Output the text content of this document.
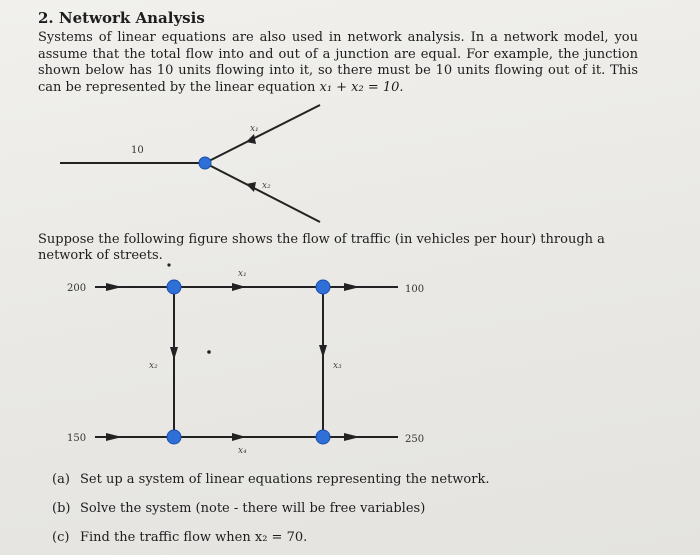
2. Network Analysis
Systems of linear equations are also used in network analysis. In a network model, you assume that the total flow into and out of a junction are equal. For example, the junction shown below has 10 units flowing into it, so there must be 10 units flowing out of it. This can be represented by the linear equation x₁ + x₂ = 10.
10
x₁
x₂
Suppose the following figure shows the flow of traffic (in vehicles per hour) through a network of streets.
200	100
150	250
x₁
x₂	x₃
x₄
(a) Set up a system of linear equations representing the network.
(b) Solve the system (note - there will be free variables)
(c) Find the traffic flow when x₂ = 70.
